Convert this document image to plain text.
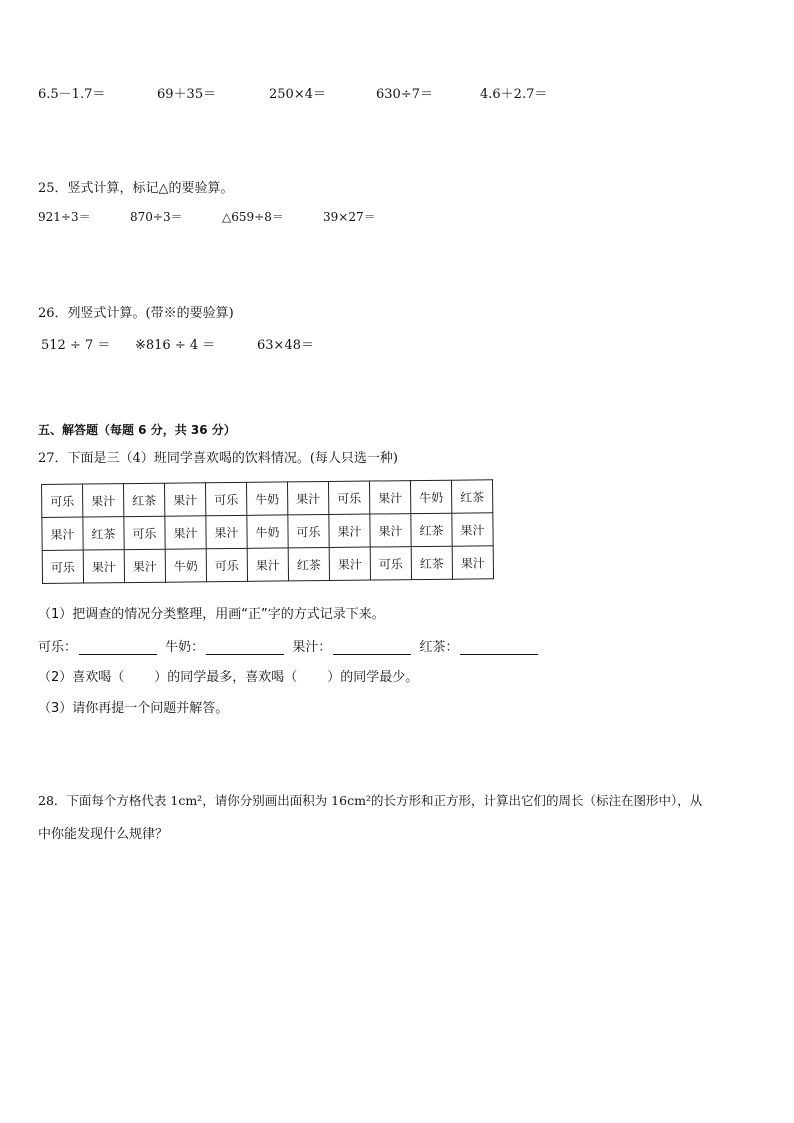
6.5－1.7＝	69＋35＝	250×4＝	630÷7＝	4.6＋2.7＝
25．竖式计算，标记△的要验算。
921÷3＝	870÷3＝	△659÷8＝	39×27＝
26．列竖式计算。(带※的要验算)
512 ÷ 7 ＝ ※816 ÷ 4 ＝	63×48＝
五、解答题（每题 6 分，共 36 分）
27．下面是三（4）班同学喜欢喝的饮料情况。(每人只选一种)
可乐	果汁	红茶	果汁	可乐	牛奶	果汁	可乐	果汁	牛奶	红茶
果汁	红茶	可乐	果汁	果汁	牛奶	可乐	果汁	果汁	红茶	果汁
可乐	果汁	果汁	牛奶	可乐	果汁	红茶	果汁	可乐	红茶	果汁
（1）把调查的情况分类整理，用画“正”字的方式记录下来。
可乐：	牛奶：	果汁：	红茶：
（2）喜欢喝（ ）的同学最多，喜欢喝（ ）的同学最少。
（3）请你再提一个问题并解答。
28．下面每个方格代表 1cm²，请你分别画出面积为 16cm²的长方形和正方形，计算出它们的周长（标注在图形中），从
中你能发现什么规律？
